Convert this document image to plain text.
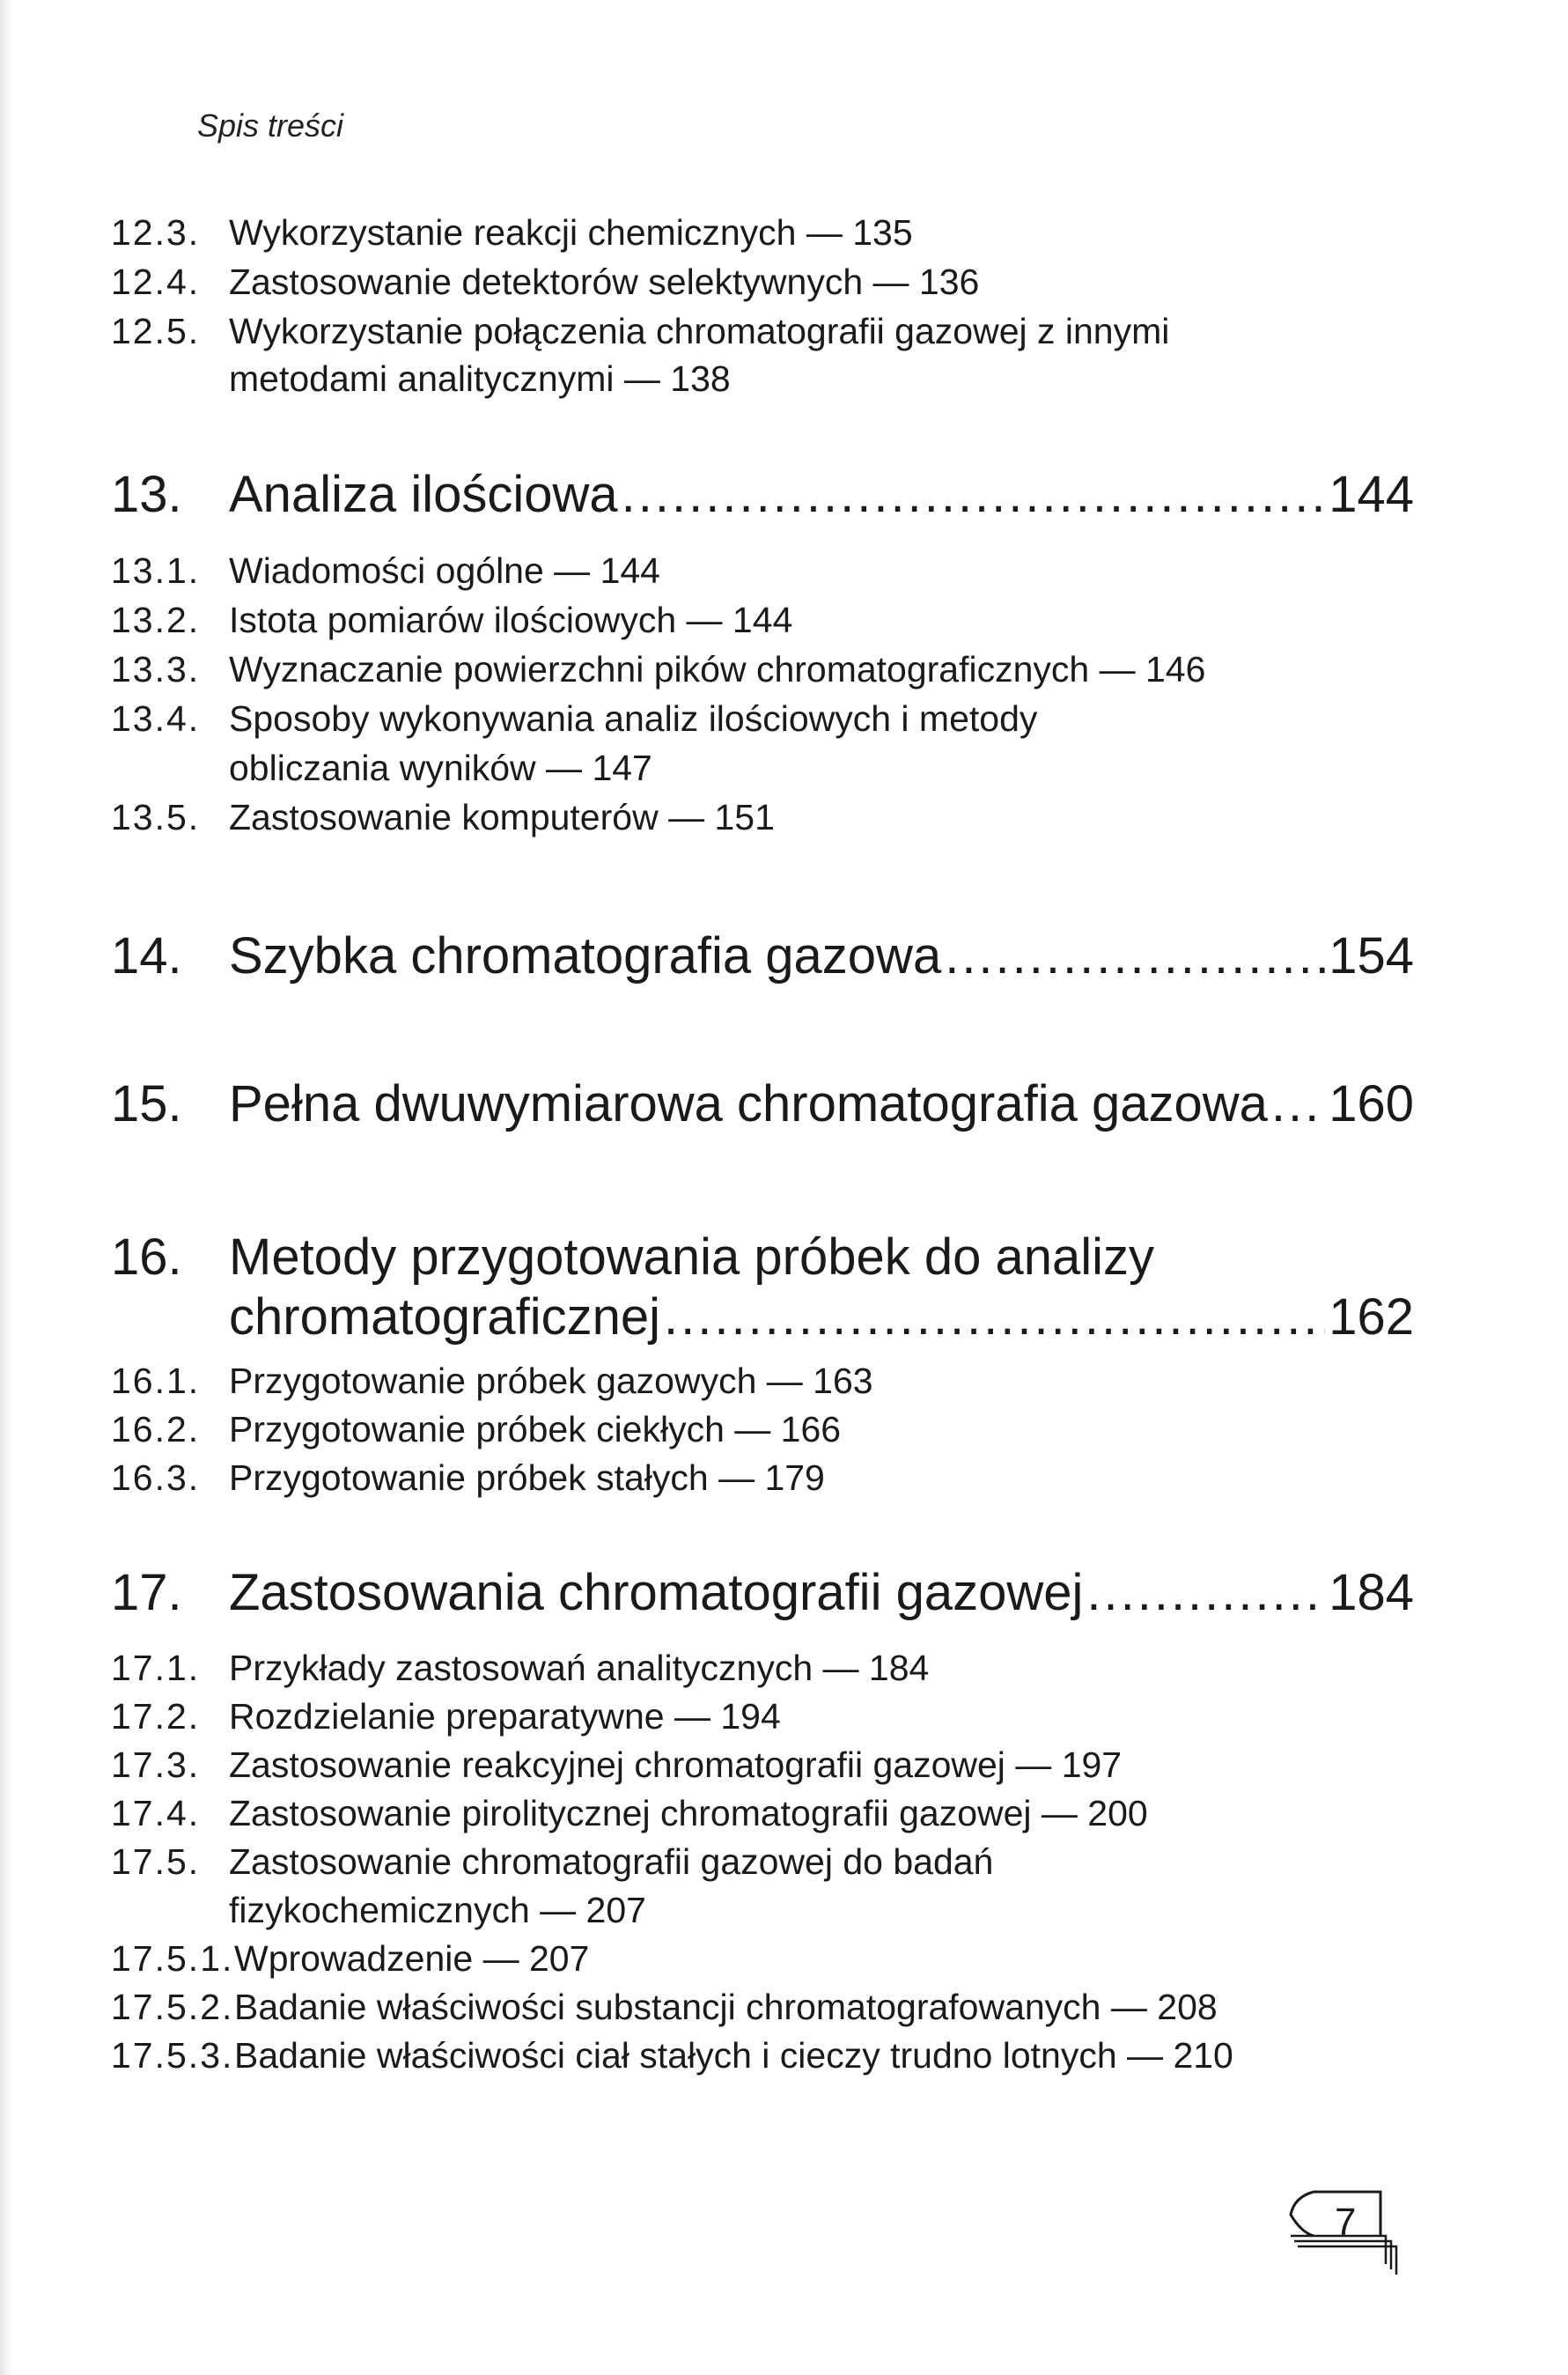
Spis treści
12.3. Wykorzystanie reakcji chemicznych — 135
12.4. Zastosowanie detektorów selektywnych — 136
12.5. Wykorzystanie połączenia chromatografii gazowej z innymi
metodami analitycznymi — 138
13. Analiza ilościowa .....	144
13.1. Wiadomości ogólne — 144
13.2. Istota pomiarów ilościowych — 144
13.3. Wyznaczanie powierzchni pików chromatograficznych — 146
13.4. Sposoby wykonywania analiz ilościowych i metody
obliczania wyników — 147
13.5. Zastosowanie komputerów — 151
14. Szybka chromatografia gazowa .....	154
15. Pełna dwuwymiarowa chromatografia gazowa ..... 160
16. Metody przygotowania próbek do analizy
chromatograficznej .....	162
16.1. Przygotowanie próbek gazowych — 163
16.2. Przygotowanie próbek ciekłych — 166
16.3. Przygotowanie próbek stałych — 179
17. Zastosowania chromatografii gazowej .....	184
17.1. Przykłady zastosowań analitycznych — 184
17.2. Rozdzielanie preparatywne — 194
17.3. Zastosowanie reakcyjnej chromatografii gazowej — 197
17.4. Zastosowanie pirolitycznej chromatografii gazowej — 200
17.5. Zastosowanie chromatografii gazowej do badań
fizykochemicznych — 207
17.5.1. Wprowadzenie — 207
17.5.2. Badanie właściwości substancji chromatografowanych — 208
17.5.3. Badanie właściwości ciał stałych i cieczy trudno lotnych — 210
7
